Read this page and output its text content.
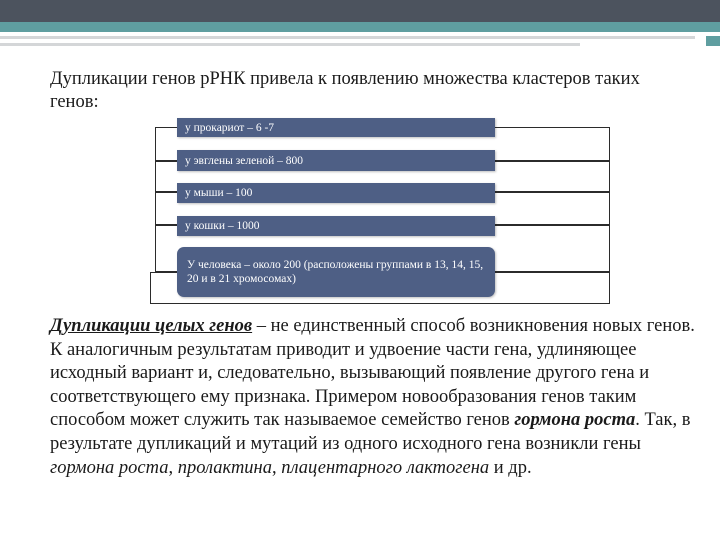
Дупликации генов рРНК привела к появлению множества кластеров таких генов:

у прокариот – 6 -7
у эвглены зеленой – 800
у мыши – 100
у кошки – 1000
У человека – около 200 (расположены группами в 13, 14, 15, 20 и в 21 хромосомах)

Дупликации целых генов – не единственный способ возникновения новых генов. К аналогичным результатам приводит и удвоение части гена, удлиняющее исходный вариант и, следовательно, вызывающий появление другого гена и соответствующего ему признака. Примером новообразования генов таким способом может служить так называемое семейство генов гормона роста. Так, в результате дупликаций и мутаций из одного исходного гена возникли гены гормона роста, пролактина, плацентарного лактогена и др.
